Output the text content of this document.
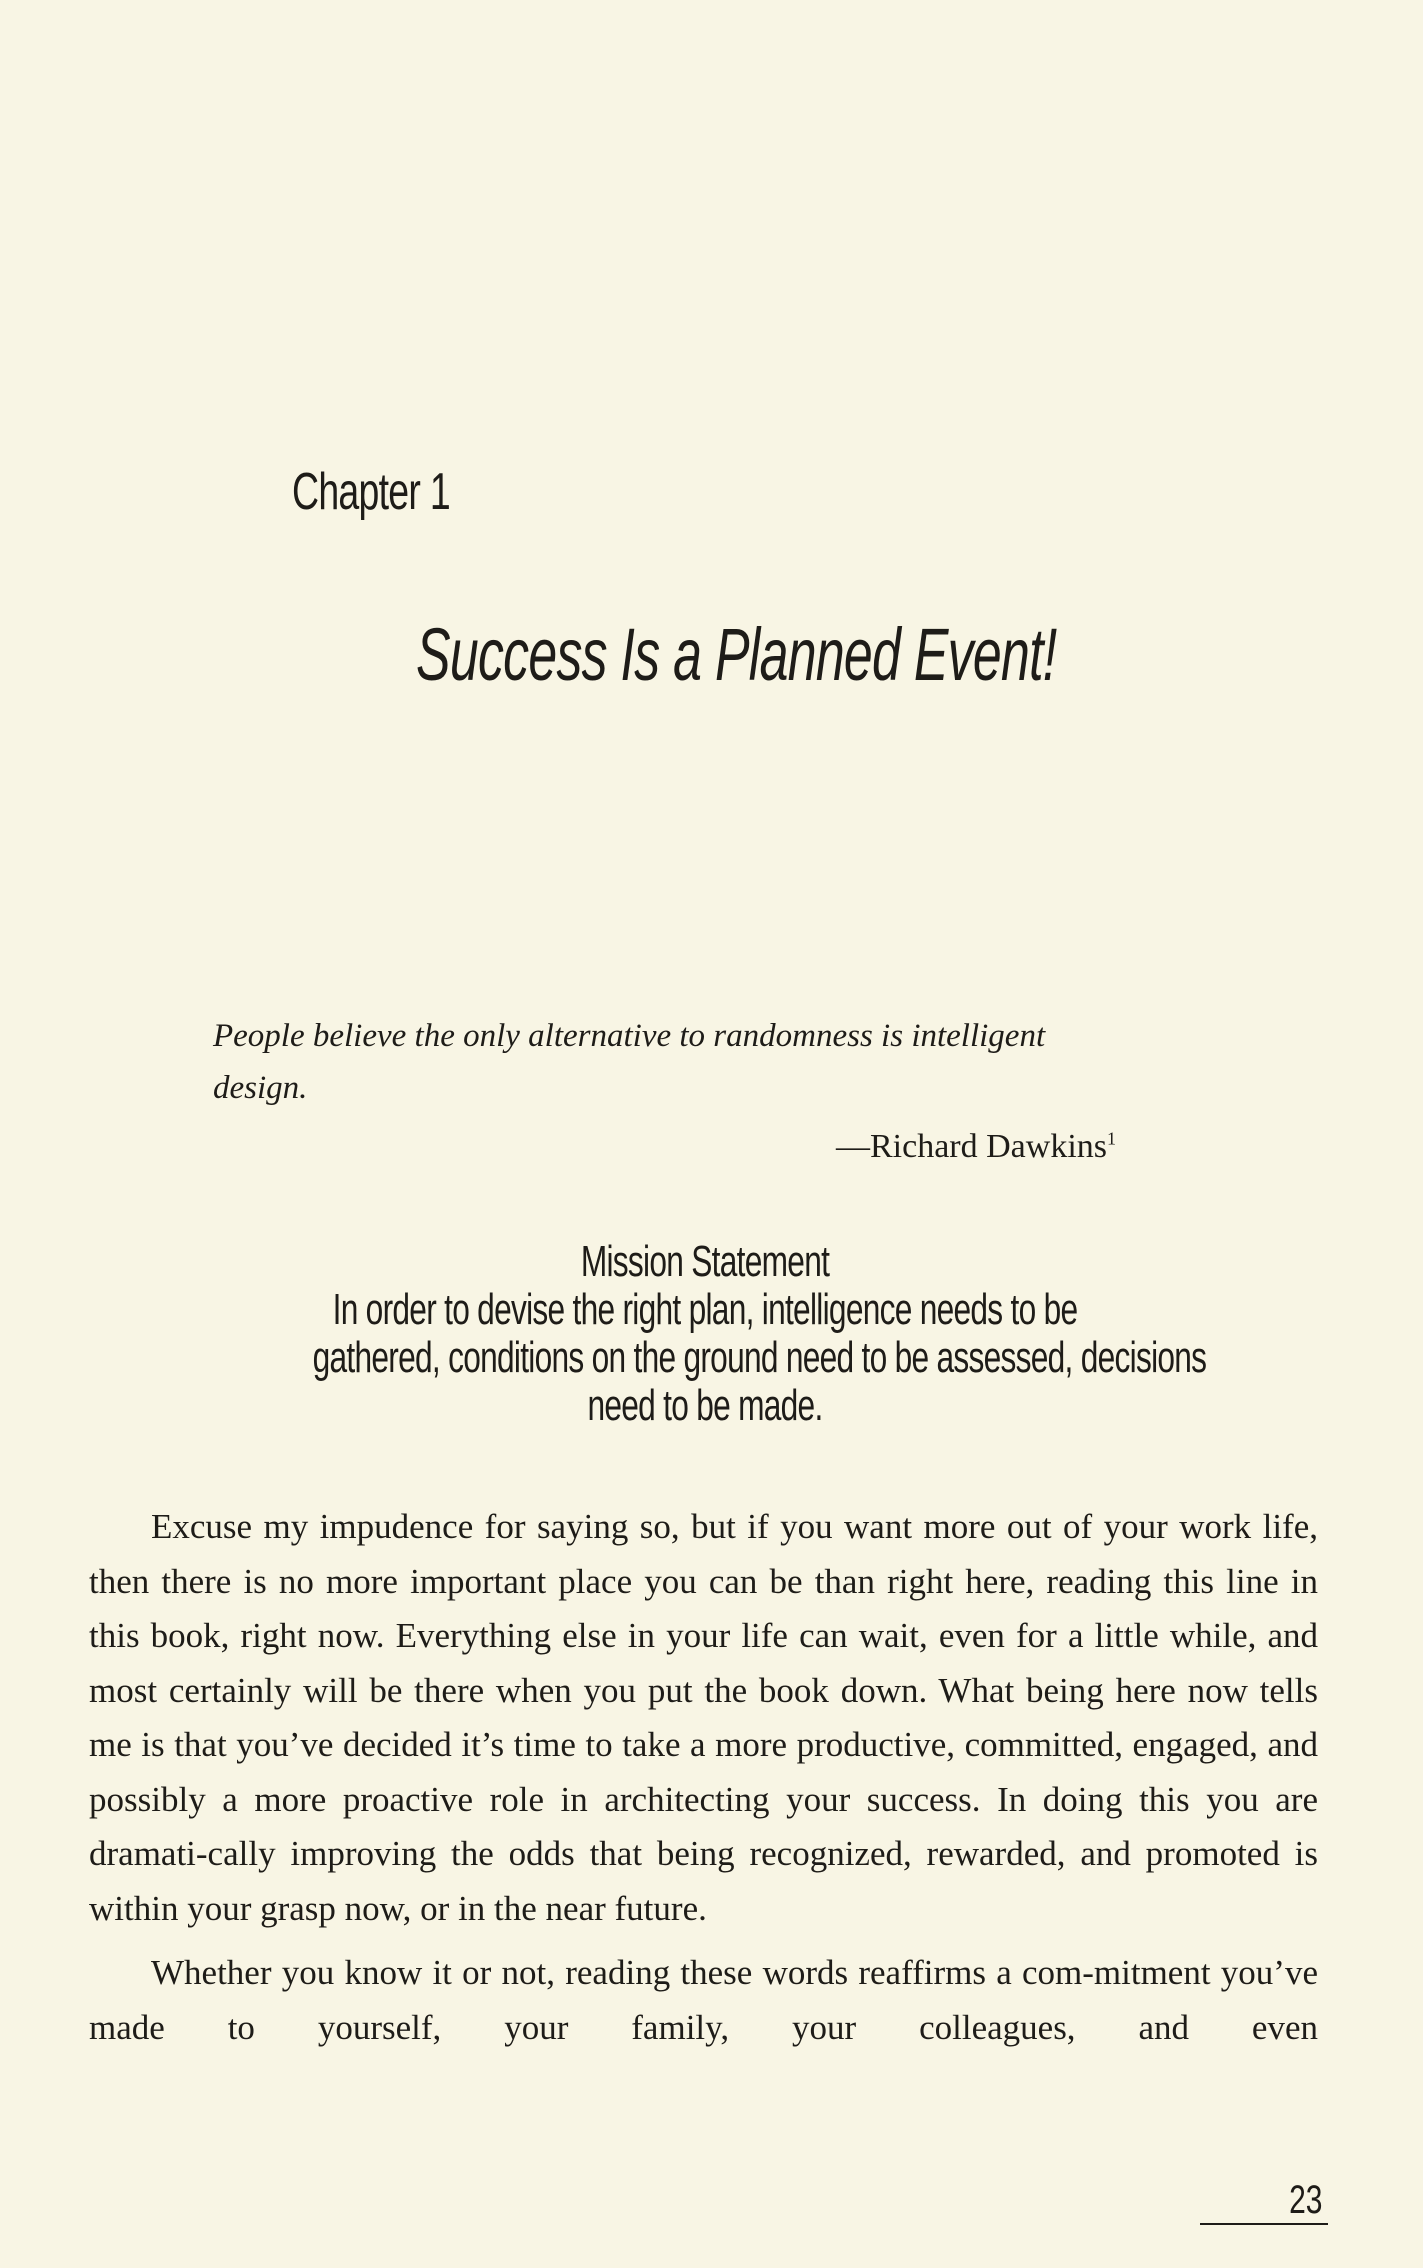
Chapter 1
Success Is a Planned Event!

People believe the only alternative to randomness is intelligent design.

—Richard Dawkins$^1$
Mission Statement
In order to devise the right plan, intelligence needs to be
gathered, conditions on the ground need to be assessed, decisions
need to be made.

Excuse my impudence for saying so, but if you want more out of your work life, then there is no more important place you can be than right here, reading this line in this book, right now. Everything else in your life can wait, even for a little while, and most certainly will be there when you put the book down. What being here now tells me is that you’ve decided it’s time to take a more productive, committed, engaged, and possibly a more proactive role in architecting your success. In doing this you are dramati-cally improving the odds that being recognized, rewarded, and promoted is within your grasp now, or in the near future.

Whether you know it or not, reading these words reaffirms a com-mitment you’ve made to yourself, your family, your colleagues, and even

23
